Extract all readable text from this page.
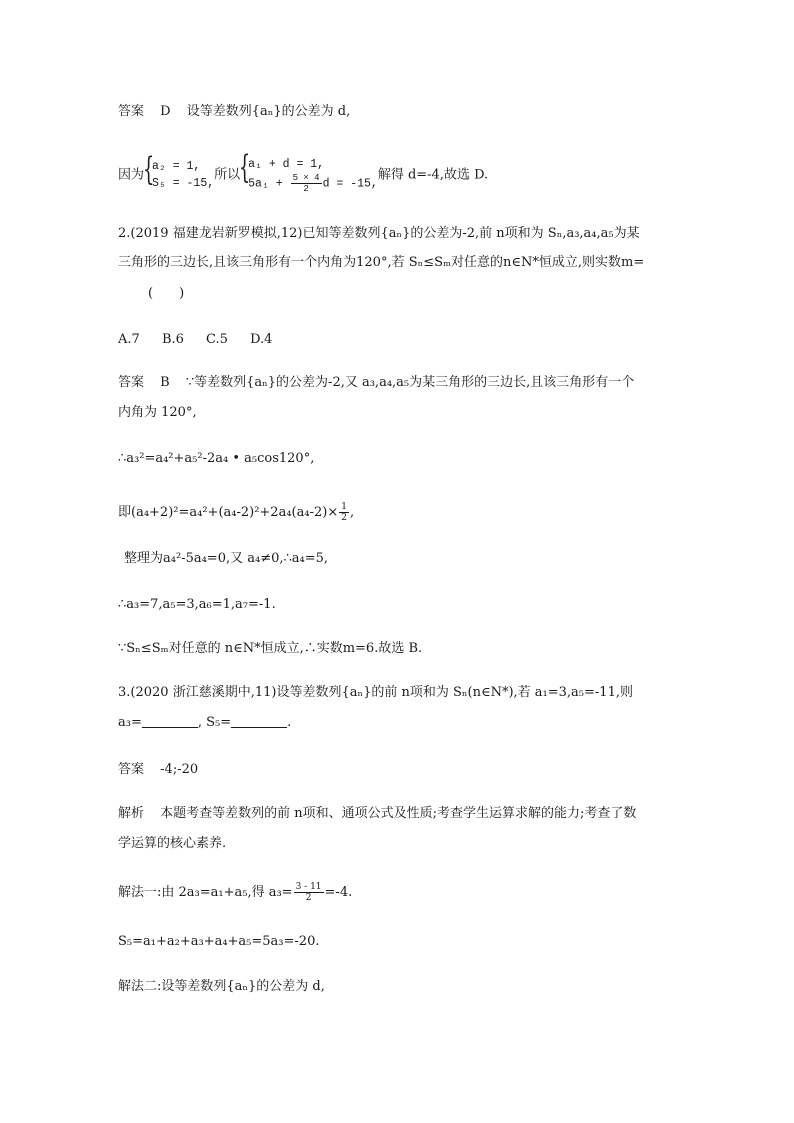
答案 D 设等差数列{aₙ}的公差为 d,
因为 {
a₂ = 1,
S₅ = -15,
所以 {
a₁ + d = 1,
$5a_1 + \frac{5 \times 4}{2}$ d = -15,
解得 d=-4,故选 D.
2.(2019 福建龙岩新罗模拟,12)已知等差数列{aₙ}的公差为-2,前 n项和为 Sₙ,a₃,a₄,a₅为某
三角形的三边长,且该三角形有一个内角为120°,若 Sₙ≤Sₘ对任意的n∈N*恒成立,则实数m=
(　　)
A.7 B.6 C.5 D.4
答案 B ∵等差数列{aₙ}的公差为-2,又 a₃,a₄,a₅为某三角形的三边长,且该三角形有一个
内角为 120°,
∴a₃²=a₄²+a₅²-2a₄ • a₅cos120°,
即$(a_4+2)^2=a_4^2+(a_4-2)^2+2a_4(a_4-2)\times \frac{1}{2}$ ,
整理为a₄²-5a₄=0,又 a₄≠0,∴a₄=5,
∴a₃=7,a₅=3,a₆=1,a₇=-1.
∵Sₙ≤Sₘ对任意的 n∈N*恒成立,∴实数m=6.故选 B.
3.(2020 浙江慈溪期中,11)设等差数列{aₙ}的前 n项和为 Sₙ(n∈N*),若 a₁=3,a₅=-11,则
a₃=	, S₅=	.
答案 -4;-20
解析 本题考查等差数列的前 n项和、通项公式及性质;考查学生运算求解的能力;考查了数
学运算的核心素养.
解法一:由 2a₃=a₁+a₅,得 $a_3= \frac{3 - 11}{2} =-4$.
S₅=a₁+a₂+a₃+a₄+a₅=5a₃=-20.
解法二:设等差数列{aₙ}的公差为 d,
